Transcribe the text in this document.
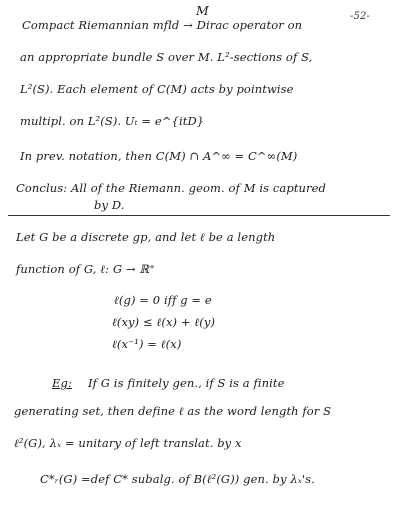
-52-
M
Compact Riemannian mfld → Dirac operator on
an appropriate bundle S over M. L²-sections of S,
L²(S). Each element of C(M) acts by pointwise
multipl. on L²(S). Uₜ = e^{itD}
In prev. notation, then C(M) ∩ A^∞ = C^∞(M)
Conclus: All of the Riemann. geom. of M is captured
by D.
Let G be a discrete gp, and let ℓ be a length
function of G, ℓ: G → ℝ⁺
ℓ(g) = 0 iff g = e
ℓ(xy) ≤ ℓ(x) + ℓ(y)
ℓ(x⁻¹) = ℓ(x)
Eg: If G is finitely gen., if S is a finite
generating set, then define ℓ as the word length for S
ℓ²(G), λₓ = unitary of left translat. by x
C*ᵣ(G) =def C* subalg. of B(ℓ²(G)) gen. by λₓ's.
